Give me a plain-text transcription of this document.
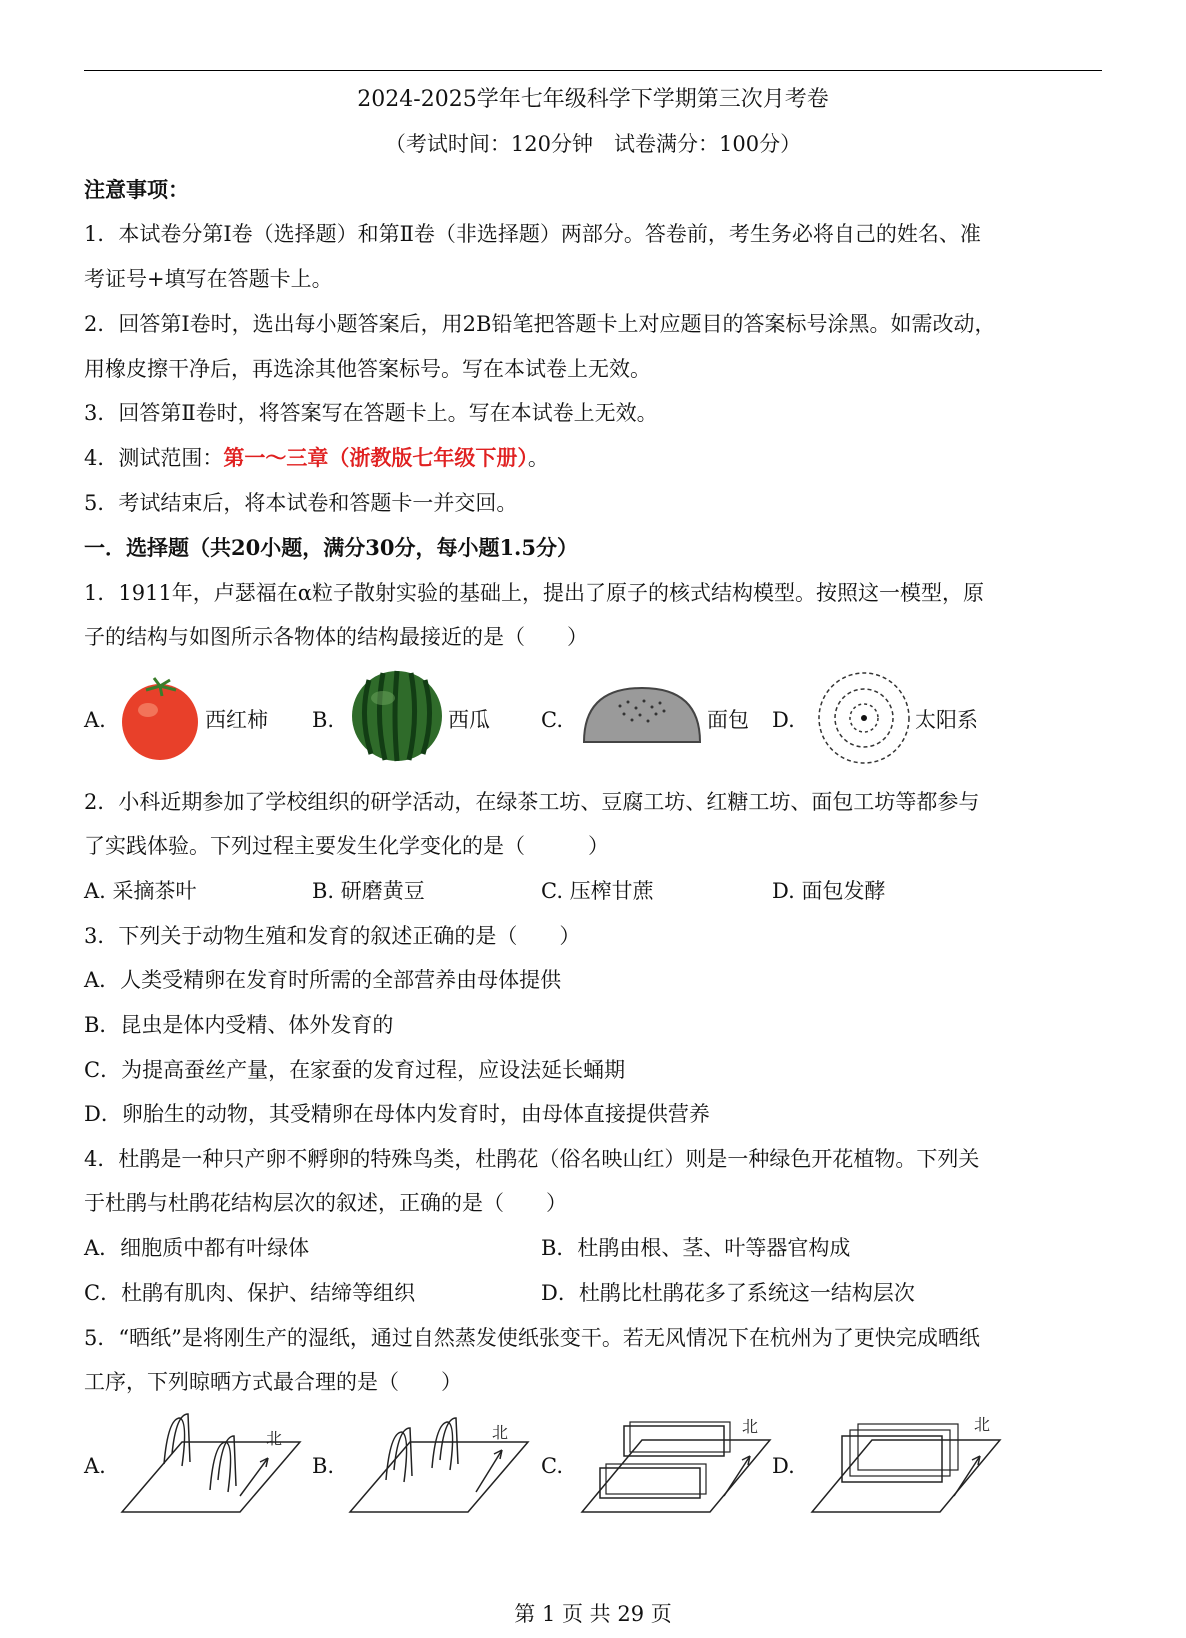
2024-2025学年七年级科学下学期第三次月考卷
（考试时间：120分钟　试卷满分：100分）
注意事项：
1．本试卷分第Ⅰ卷（选择题）和第Ⅱ卷（非选择题）两部分。答卷前，考生务必将自己的姓名、准
考证号+填写在答题卡上。
2．回答第Ⅰ卷时，选出每小题答案后，用2B铅笔把答题卡上对应题目的答案标号涂黑。如需改动，
用橡皮擦干净后，再选涂其他答案标号。写在本试卷上无效。
3．回答第Ⅱ卷时，将答案写在答题卡上。写在本试卷上无效。
4．测试范围：第一～三章（浙教版七年级下册）。
5．考试结束后，将本试卷和答题卡一并交回。
一．选择题（共20小题，满分30分，每小题1.5分）
1．1911年，卢瑟福在α粒子散射实验的基础上，提出了原子的核式结构模型。按照这一模型，原
子的结构与如图所示各物体的结构最接近的是（　　）
A.	西红柿 B.	西瓜 C.	面包 D.	太阳系
2．小科近期参加了学校组织的研学活动，在绿茶工坊、豆腐工坊、红糖工坊、面包工坊等都参与
了实践体验。下列过程主要发生化学变化的是（　　　）
A. 采摘茶叶	B. 研磨黄豆	C. 压榨甘蔗	D. 面包发酵
3．下列关于动物生殖和发育的叙述正确的是（　　）
A．人类受精卵在发育时所需的全部营养由母体提供
B．昆虫是体内受精、体外发育的
C．为提高蚕丝产量，在家蚕的发育过程，应设法延长蛹期
D．卵胎生的动物，其受精卵在母体内发育时，由母体直接提供营养
4．杜鹃是一种只产卵不孵卵的特殊鸟类，杜鹃花（俗名映山红）则是一种绿色开花植物。下列关
于杜鹃与杜鹃花结构层次的叙述，正确的是（　　）
A．细胞质中都有叶绿体	B．杜鹃由根、茎、叶等器官构成
C．杜鹃有肌肉、保护、结缔等组织	D．杜鹃比杜鹃花多了系统这一结构层次
5．“晒纸”是将刚生产的湿纸，通过自然蒸发使纸张变干。若无风情况下在杭州为了更快完成晒纸
工序，下列晾晒方式最合理的是（　　）
A.
北
B.
北
C.
北
D.
北
第 1 页 共 29 页
